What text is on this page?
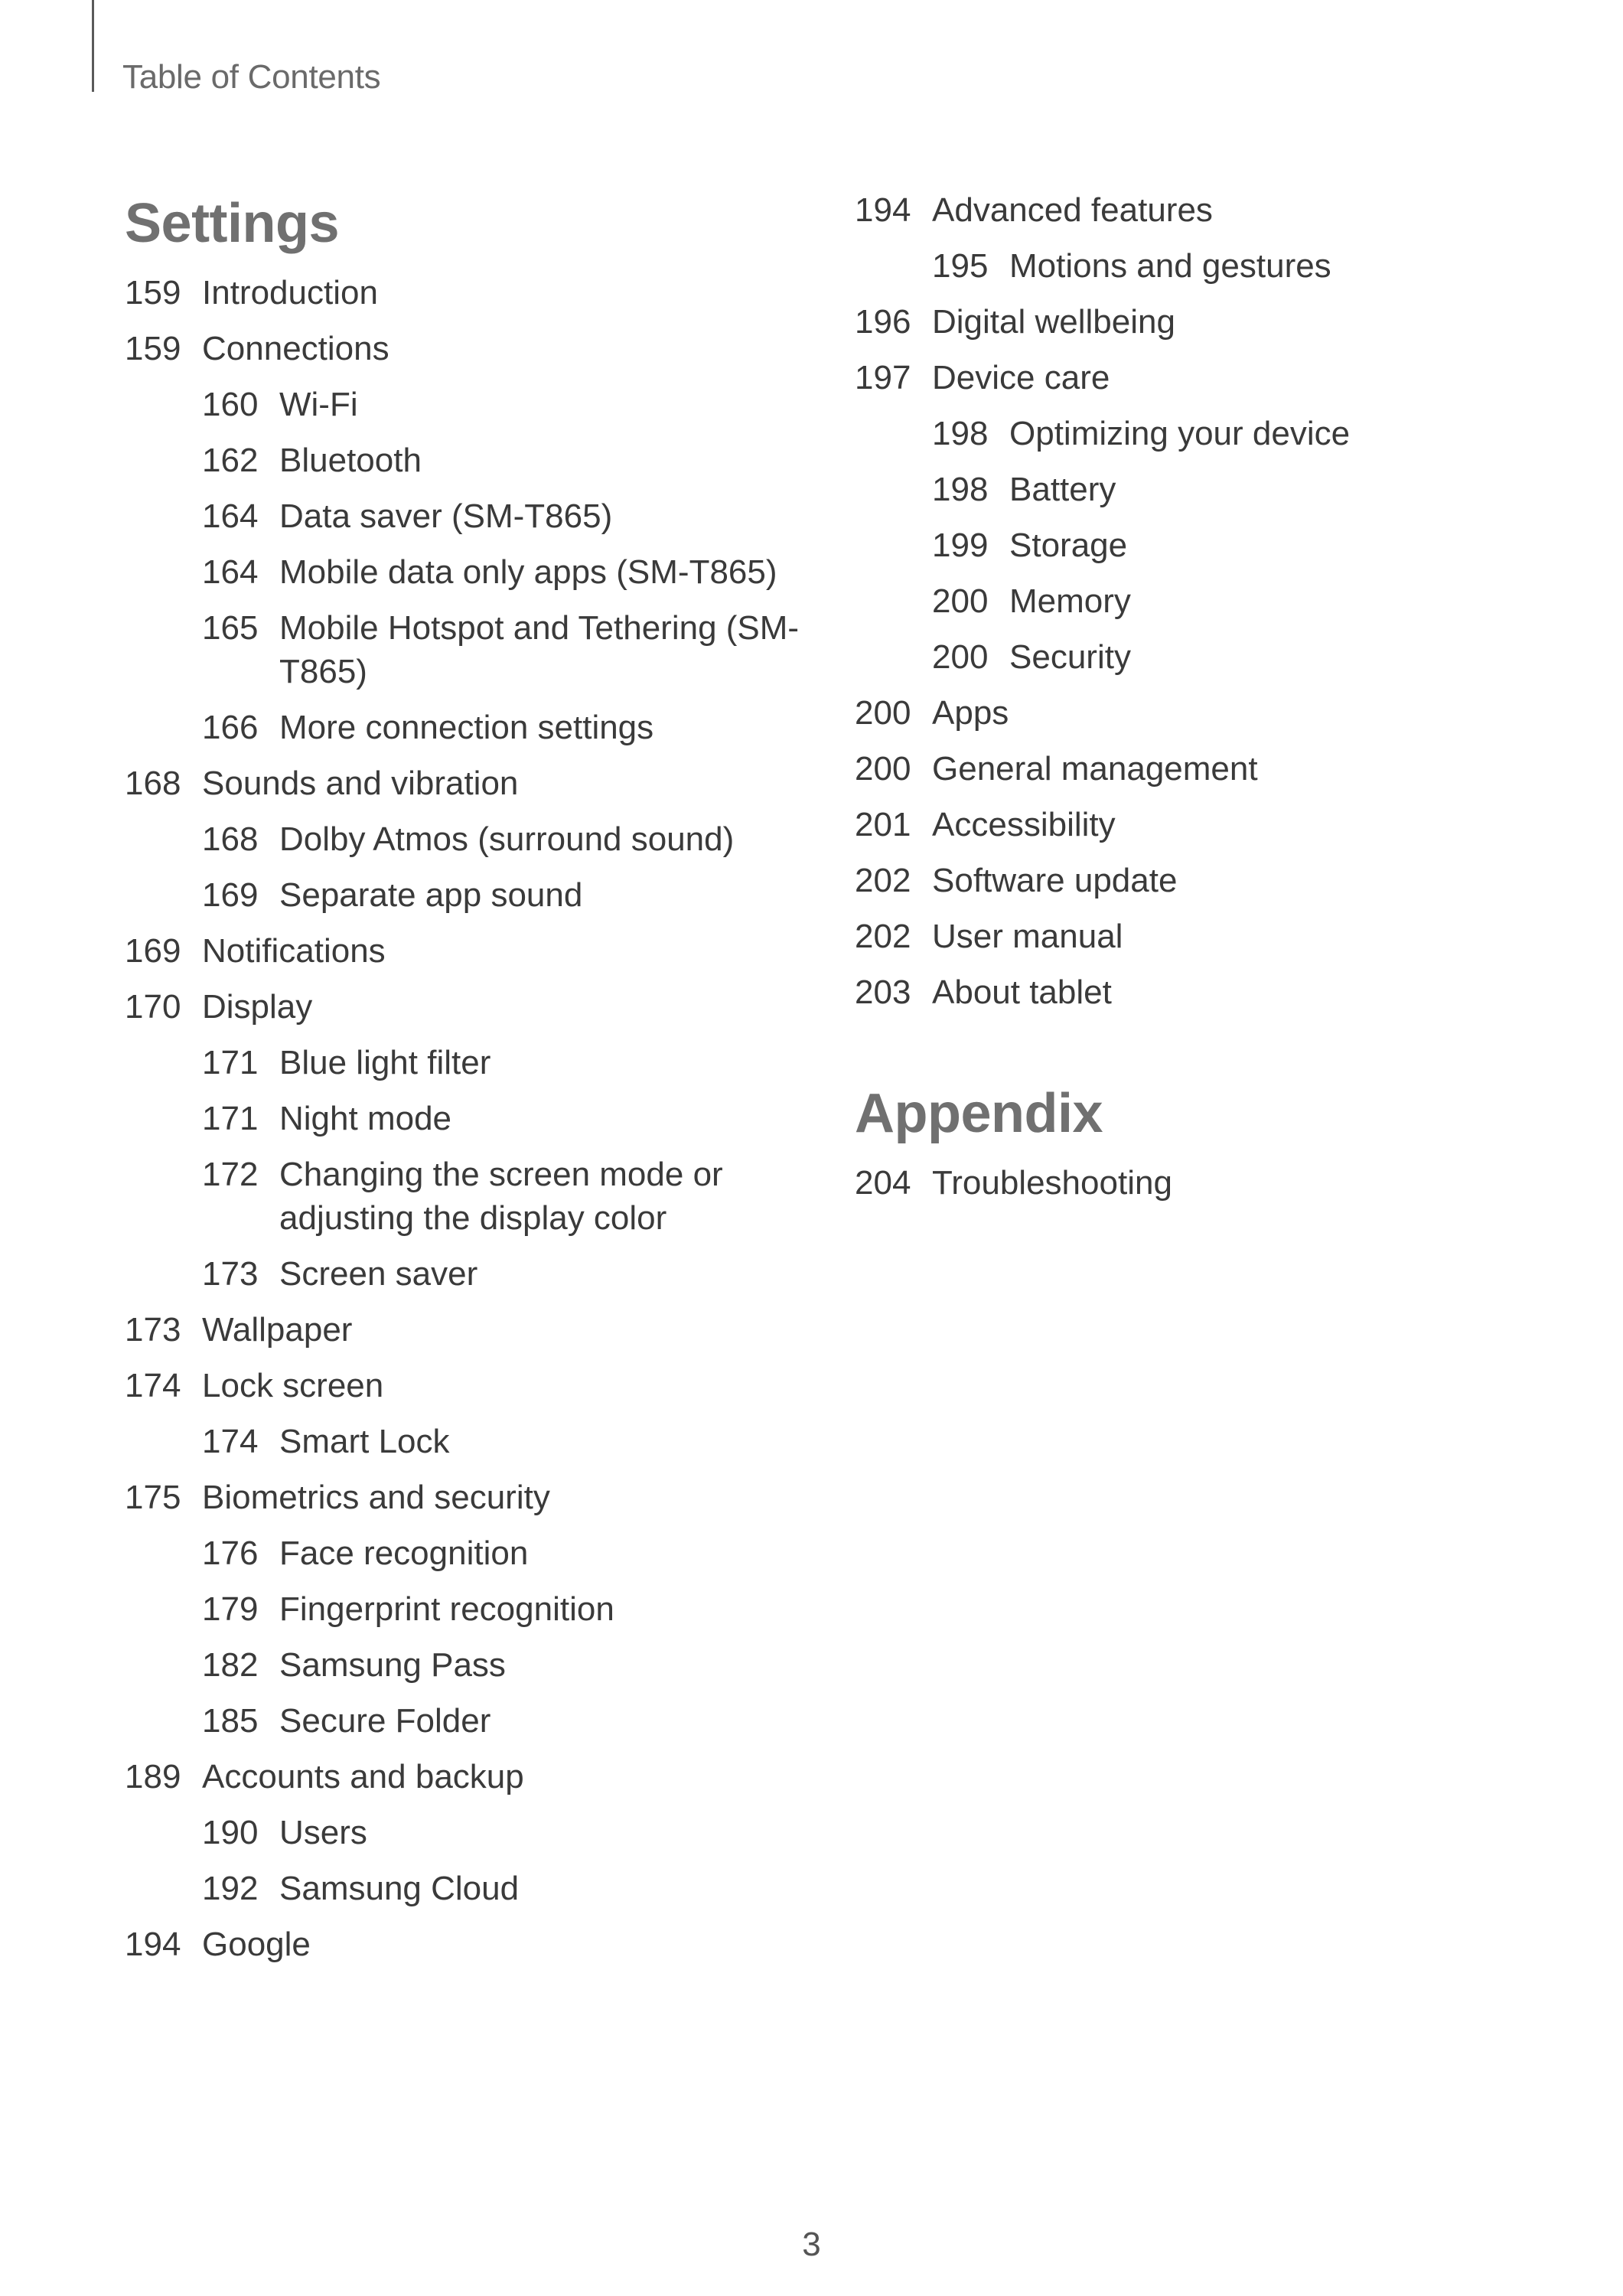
Table of Contents
Settings
159 Introduction
159 Connections
160 Wi-Fi
162 Bluetooth
164 Data saver (SM-T865)
164 Mobile data only apps (SM-T865)
165 Mobile Hotspot and Tethering (SM-T865)
166 More connection settings
168 Sounds and vibration
168 Dolby Atmos (surround sound)
169 Separate app sound
169 Notifications
170 Display
171 Blue light filter
171 Night mode
172 Changing the screen mode or adjusting the display color
173 Screen saver
173 Wallpaper
174 Lock screen
174 Smart Lock
175 Biometrics and security
176 Face recognition
179 Fingerprint recognition
182 Samsung Pass
185 Secure Folder
189 Accounts and backup
190 Users
192 Samsung Cloud
194 Google
194 Advanced features
195 Motions and gestures
196 Digital wellbeing
197 Device care
198 Optimizing your device
198 Battery
199 Storage
200 Memory
200 Security
200 Apps
200 General management
201 Accessibility
202 Software update
202 User manual
203 About tablet
Appendix
204 Troubleshooting
3
